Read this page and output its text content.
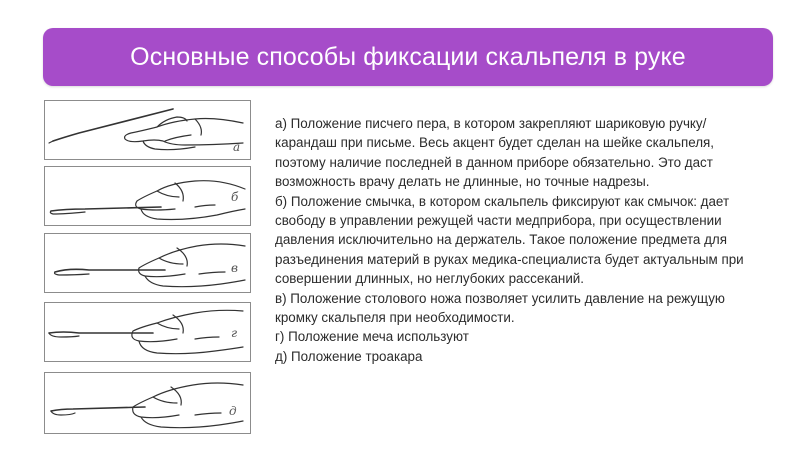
Основные способы фиксации скальпеля в руке
а
б
в
г
д

а) Положение писчего пера, в котором закрепляют шариковую ручку/карандаш при письме. Весь акцент будет сделан на шейке скальпеля, поэтому наличие последней в данном приборе обязательно. Это даст возможность врачу делать не длинные, но точные надрезы.

б) Положение смычка, в котором скальпель фиксируют как смычок: дает свободу в управлении режущей части медприбора, при осуществлении давления исключительно на держатель. Такое положение предмета для разъединения материй в руках медика-специалиста будет актуальным при совершении длинных, но неглубоких рассеканий.

в) Положение столового ножа позволяет усилить давление на режущую кромку скальпеля при необходимости.

г) Положение меча используют

д) Положение троакара
